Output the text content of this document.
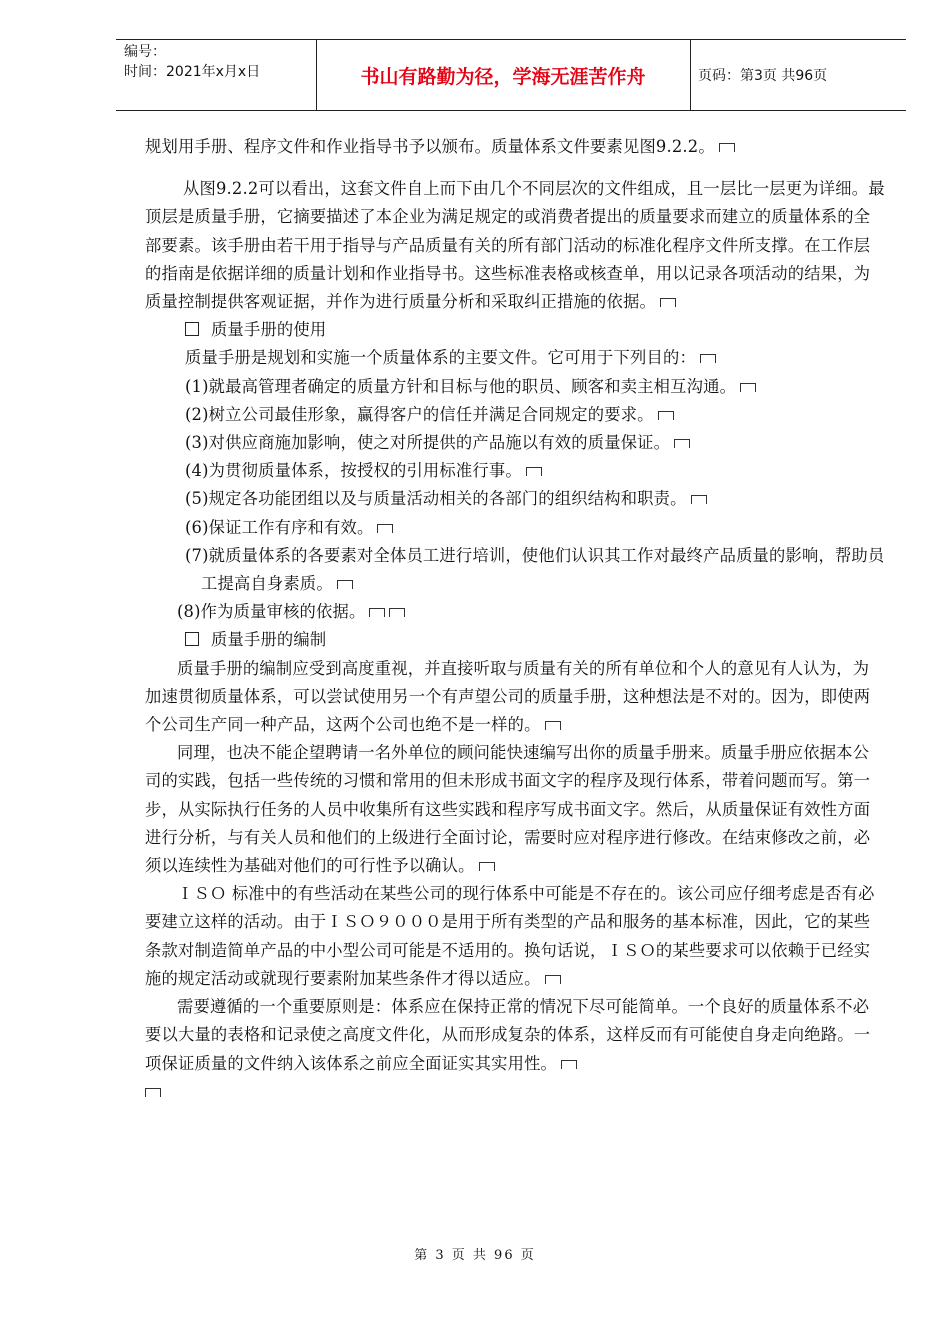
编号：
时间：2021年x月x日	书山有路勤为径，学海无涯苦作舟	页码：第3页 共96页

规划用手册、程序文件和作业指导书予以颁布。质量体系文件要素见图9.2.2。

从图9.2.2可以看出，这套文件自上而下由几个不同层次的文件组成，且一层比一层更为详细。最顶层是质量手册，它摘要描述了本企业为满足规定的或消费者提出的质量要求而建立的质量体系的全部要素。该手册由若干用于指导与产品质量有关的所有部门活动的标准化程序文件所支撑。在工作层的指南是依据详细的质量计划和作业指导书。这些标准表格或核查单，用以记录各项活动的结果，为质量控制提供客观证据，并作为进行质量分析和采取纠正措施的依据。

质量手册的使用

质量手册是规划和实施一个质量体系的主要文件。它可用于下列目的：

(1)就最高管理者确定的质量方针和目标与他的职员、顾客和卖主相互沟通。

(2)树立公司最佳形象，赢得客户的信任并满足合同规定的要求。

(3)对供应商施加影响，使之对所提供的产品施以有效的质量保证。

(4)为贯彻质量体系，按授权的引用标准行事。

(5)规定各功能团组以及与质量活动相关的各部门的组织结构和职责。

(6)保证工作有序和有效。

(7)就质量体系的各要素对全体员工进行培训，使他们认识其工作对最终产品质量的影响，帮助员工提高自身素质。

(8)作为质量审核的依据。

质量手册的编制

质量手册的编制应受到高度重视，并直接听取与质量有关的所有单位和个人的意见有人认为，为加速贯彻质量体系，可以尝试使用另一个有声望公司的质量手册，这种想法是不对的。因为，即使两个公司生产同一种产品，这两个公司也绝不是一样的。

同理，也决不能企望聘请一名外单位的顾问能快速编写出你的质量手册来。质量手册应依据本公司的实践，包括一些传统的习惯和常用的但未形成书面文字的程序及现行体系，带着问题而写。第一步，从实际执行任务的人员中收集所有这些实践和程序写成书面文字。然后，从质量保证有效性方面进行分析，与有关人员和他们的上级进行全面讨论，需要时应对程序进行修改。在结束修改之前，必须以连续性为基础对他们的可行性予以确认。

ＩＳＯ 标准中的有些活动在某些公司的现行体系中可能是不存在的。该公司应仔细考虑是否有必要建立这样的活动。由于ＩＳＯ９０００是用于所有类型的产品和服务的基本标准，因此，它的某些条款对制造简单产品的中小型公司可能是不适用的。换句话说，ＩＳＯ的某些要求可以依赖于已经实施的规定活动或就现行要素附加某些条件才得以适应。

需要遵循的一个重要原则是：体系应在保持正常的情况下尽可能简单。一个良好的质量体系不必要以大量的表格和记录使之高度文件化，从而形成复杂的体系，这样反而有可能使自身走向绝路。一项保证质量的文件纳入该体系之前应全面证实其实用性。

第 3 页 共 96 页
